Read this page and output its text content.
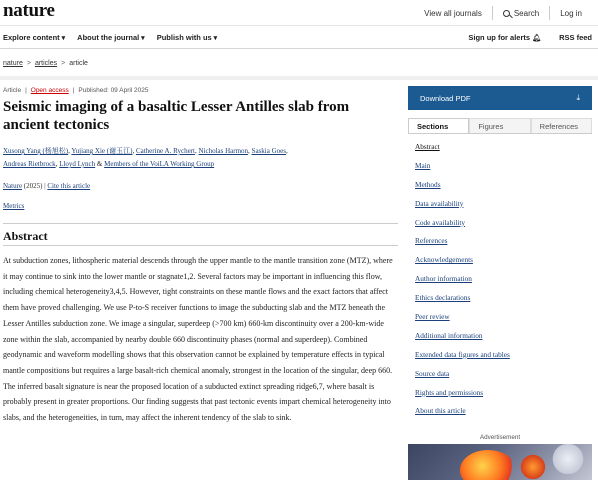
nature	View all journals	Search	Log in
Explore content ▾	About the journal ▾	Publish with us ▾	Sign up for alerts 🔔︎ RSS feed
nature > articles > article
Article | Open access | Published: 09 April 2025
Seismic imaging of a basaltic Lesser Antilles slab from ancient tectonics
Xusong Yang (杨旭松), Yujiang Xie (谢玉江), Catherine A. Rychert, Nicholas Harmon, Saskia Goes,
Andreas Rietbrock, Lloyd Lynch & Members of the VoiLA Working Group
Nature (2025) | Cite this article
Metrics
Abstract

At subduction zones, lithospheric material descends through the upper mantle to the mantle transition zone (MTZ), where it may continue to sink into the lower mantle or stagnate1,2. Several factors may be important in influencing this flow, including chemical heterogeneity3,4,5. However, tight constraints on these mantle flows and the exact factors that affect them have proved challenging. We use P-to-S receiver functions to image the subducting slab and the MTZ beneath the Lesser Antilles subduction zone. We image a singular, superdeep (>700 km) 660-km discontinuity over a 200-km-wide zone within the slab, accompanied by nearby double 660 discontinuity phases (normal and superdeep). Combined geodynamic and waveform modelling shows that this observation cannot be explained by temperature effects in typical mantle compositions but requires a large basalt-rich chemical anomaly, strongest in the location of the singular, deep 660. The inferred basalt signature is near the proposed location of a subducted extinct spreading ridge6,7, where basalt is probably present in greater proportions. Our finding suggests that past tectonic events impart chemical heterogeneity into slabs, and the heterogeneities, in turn, may affect the inherent tendency of the slab to sink.

Download PDF	⤓
Sections	Figures	References
Abstract
Main
Methods
Data availability
Code availability
References
Acknowledgements
Author information
Ethics declarations
Peer review
Additional information
Extended data figures and tables
Source data
Rights and permissions
About this article
Advertisement
